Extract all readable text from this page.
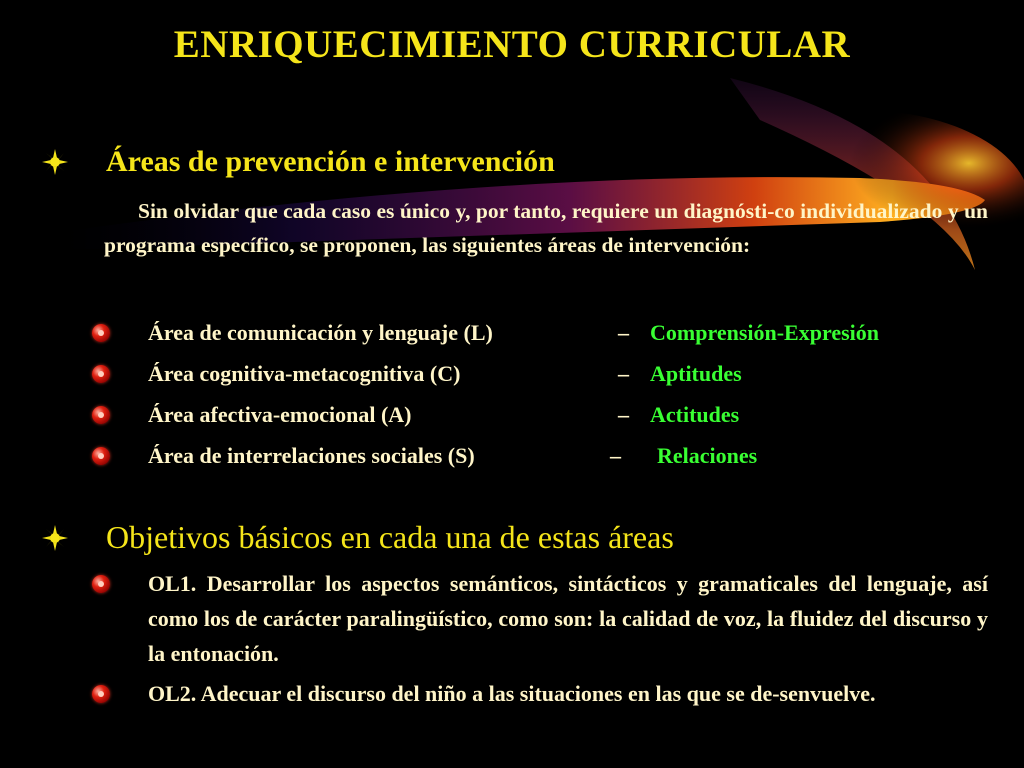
ENRIQUECIMIENTO CURRICULAR
Áreas de prevención e intervención
Sin olvidar que cada caso es único y, por tanto, requiere un diagnósti-co individualizado y un programa específico, se proponen, las siguientes áreas de intervención:
Área de comunicación y lenguaje (L)	– Comprensión-Expresión
Área cognitiva-metacognitiva (C)	– Aptitudes
Área afectiva-emocional (A)	– Actitudes
Área de interrelaciones sociales (S)	– Relaciones
Objetivos básicos en cada una de estas áreas
OL1. Desarrollar los aspectos semánticos, sintácticos y gramaticales del lenguaje, así como los de carácter paralingüístico, como son: la calidad de voz, la fluidez del discurso y la entonación.
OL2. Adecuar el discurso del niño a las situaciones en las que se de-senvuelve.
